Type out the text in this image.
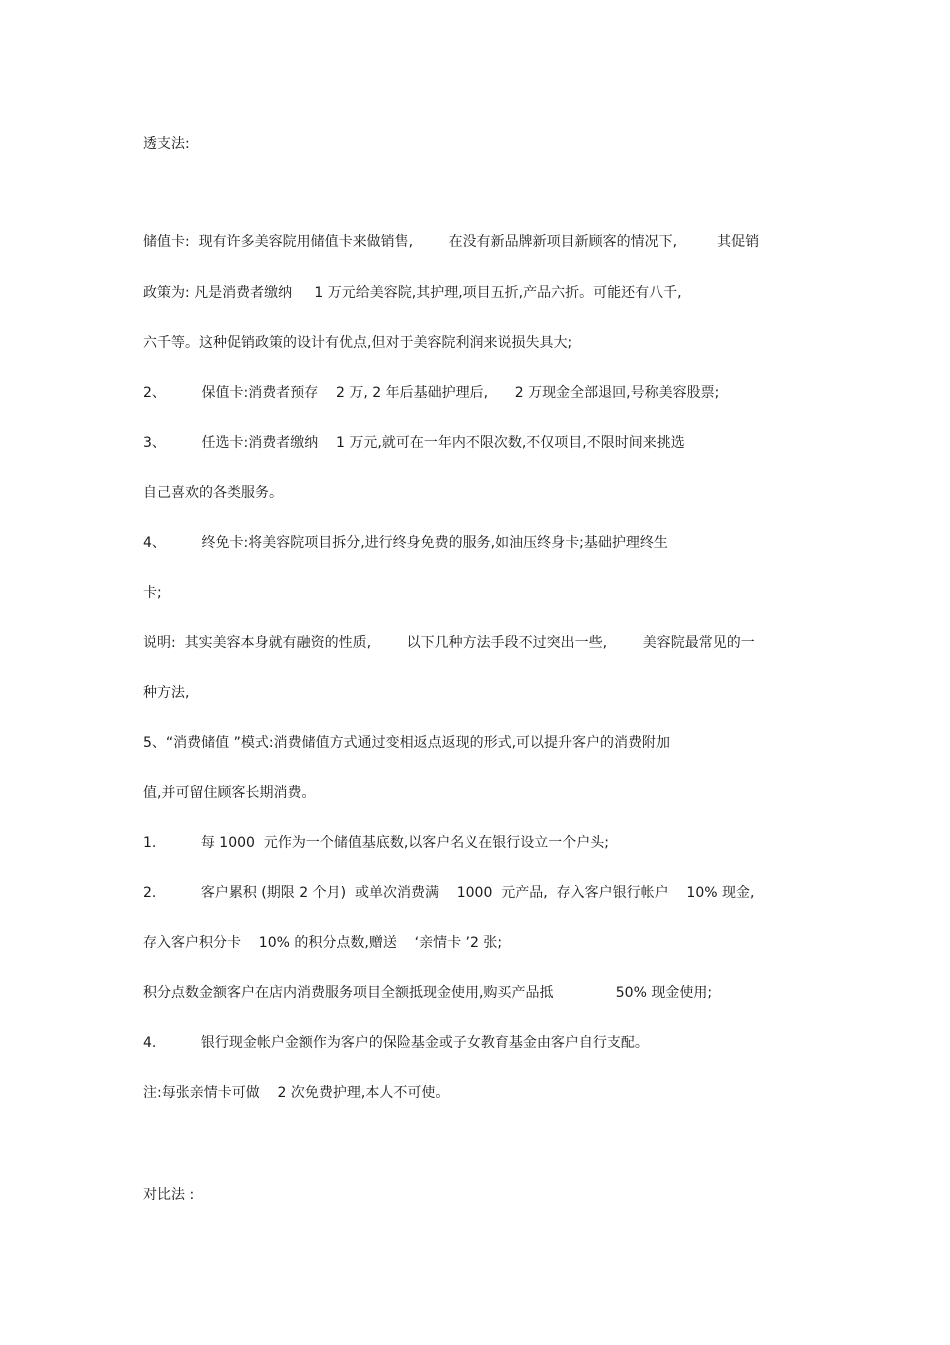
透支法:
储值卡:  现有许多美容院用储值卡来做销售,        在没有新品牌新项目新顾客的情况下,         其促销
政策为: 凡是消费者缴纳     1 万元给美容院,其护理,项目五折,产品六折。可能还有八千,
六千等。这种促销政策的设计有优点,但对于美容院利润来说损失具大;
2、        保值卡:消费者预存    2 万, 2 年后基础护理后,      2 万现金全部退回,号称美容股票;
3、        任选卡:消费者缴纳    1 万元,就可在一年内不限次数,不仅项目,不限时间来挑选
自己喜欢的各类服务。
4、        终免卡:将美容院项目拆分,进行终身免费的服务,如油压终身卡;基础护理终生
卡;
说明:  其实美容本身就有融资的性质,        以下几种方法手段不过突出一些,        美容院最常见的一
种方法,
5、“消费储值 ”模式:消费储值方式通过变相返点返现的形式,可以提升客户的消费附加
值,并可留住顾客长期消费。
1.          每 1000  元作为一个储值基底数,以客户名义在银行设立一个户头;
2.          客户累积 (期限 2 个月)  或单次消费满    1000  元产品,  存入客户银行帐户    10% 现金,
存入客户积分卡    10% 的积分点数,赠送    ‘亲情卡 ’2 张;
积分点数金额客户在店内消费服务项目全额抵现金使用,购买产品抵              50% 现金使用;
4.          银行现金帐户金额作为客户的保险基金或子女教育基金由客户自行支配。
注:每张亲情卡可做    2 次免费护理,本人不可使。
对比法 :
